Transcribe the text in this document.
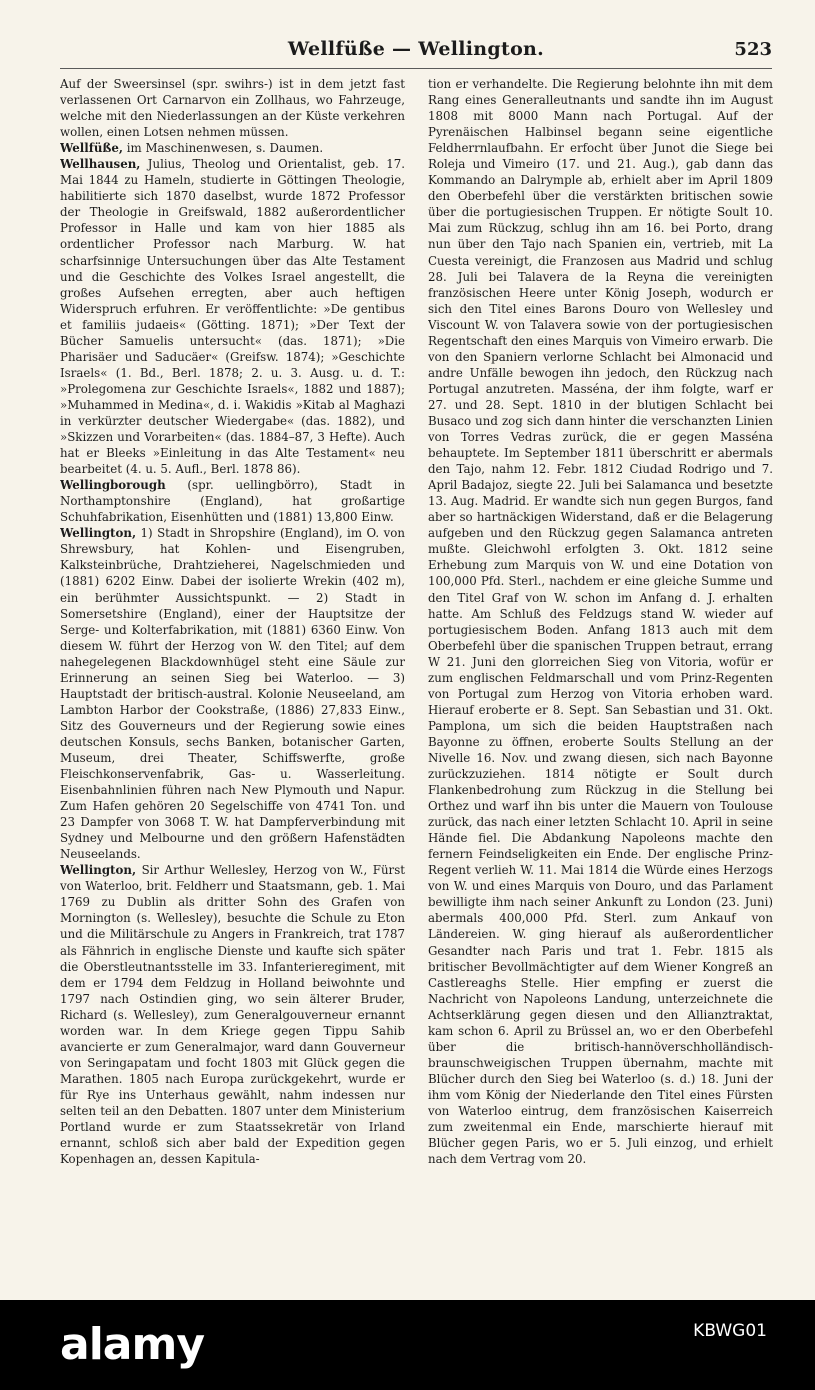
Wellfüße — Wellington.	523

Auf der Sweersinsel (spr. swihrs-) ist in dem jetzt fast verlassenen Ort Carnarvon ein Zollhaus, wo Fahrzeuge, welche mit den Niederlassungen an der Küste verkehren wollen, einen Lotsen nehmen müssen.

Wellfüße, im Maschinenwesen, s. Daumen.

Wellhausen, Julius, Theolog und Orientalist, geb. 17. Mai 1844 zu Hameln, studierte in Göttingen Theologie, habilitierte sich 1870 daselbst, wurde 1872 Professor der Theologie in Greifswald, 1882 außerordentlicher Professor in Halle und kam von hier 1885 als ordentlicher Professor nach Marburg. W. hat scharfsinnige Untersuchungen über das Alte Testament und die Geschichte des Volkes Israel angestellt, die großes Aufsehen erregten, aber auch heftigen Widerspruch erfuhren. Er veröffentlichte: »De gentibus et familiis judaeis« (Götting. 1871); »Der Text der Bücher Samuelis untersucht« (das. 1871); »Die Pharisäer und Saducäer« (Greifsw. 1874); »Geschichte Israels« (1. Bd., Berl. 1878; 2. u. 3. Ausg. u. d. T.: »Prolegomena zur Geschichte Israels«, 1882 und 1887); »Muhammed in Medina«, d. i. Wakidis »Kitab al Maghazi in verkürzter deutscher Wiedergabe« (das. 1882), und »Skizzen und Vorarbeiten« (das. 1884–87, 3 Hefte). Auch hat er Bleeks »Einleitung in das Alte Testament« neu bearbeitet (4. u. 5. Aufl., Berl. 1878 86).

Wellingborough (spr. uellingbörro), Stadt in Northamptonshire (England), hat großartige Schuhfabrikation, Eisenhütten und (1881) 13,800 Einw.

Wellington, 1) Stadt in Shropshire (England), im O. von Shrewsbury, hat Kohlen- und Eisengruben, Kalksteinbrüche, Drahtzieherei, Nagelschmieden und (1881) 6202 Einw. Dabei der isolierte Wrekin (402 m), ein berühmter Aussichtspunkt. — 2) Stadt in Somersetshire (England), einer der Hauptsitze der Serge- und Kolterfabrikation, mit (1881) 6360 Einw. Von diesem W. führt der Herzog von W. den Titel; auf dem nahegelegenen Blackdownhügel steht eine Säule zur Erinnerung an seinen Sieg bei Waterloo. — 3) Hauptstadt der britisch-austral. Kolonie Neuseeland, am Lambton Harbor der Cookstraße, (1886) 27,833 Einw., Sitz des Gouverneurs und der Regierung sowie eines deutschen Konsuls, sechs Banken, botanischer Garten, Museum, drei Theater, Schiffswerfte, große Fleischkonservenfabrik, Gas- u. Wasserleitung. Eisenbahnlinien führen nach New Plymouth und Napur. Zum Hafen gehören 20 Segelschiffe von 4741 Ton. und 23 Dampfer von 3068 T. W. hat Dampferverbindung mit Sydney und Melbourne und den größern Hafenstädten Neuseelands.

Wellington, Sir Arthur Wellesley, Herzog von W., Fürst von Waterloo, brit. Feldherr und Staatsmann, geb. 1. Mai 1769 zu Dublin als dritter Sohn des Grafen von Mornington (s. Wellesley), besuchte die Schule zu Eton und die Militärschule zu Angers in Frankreich, trat 1787 als Fähnrich in englische Dienste und kaufte sich später die Oberstleutnantsstelle im 33. Infanterieregiment, mit dem er 1794 dem Feldzug in Holland beiwohnte und 1797 nach Ostindien ging, wo sein älterer Bruder, Richard (s. Wellesley), zum Generalgouverneur ernannt worden war. In dem Kriege gegen Tippu Sahib avancierte er zum Generalmajor, ward dann Gouverneur von Seringapatam und focht 1803 mit Glück gegen die Marathen. 1805 nach Europa zurückgekehrt, wurde er für Rye ins Unterhaus gewählt, nahm indessen nur selten teil an den Debatten. 1807 unter dem Ministerium Portland wurde er zum Staatssekretär von Irland ernannt, schloß sich aber bald der Expedition gegen Kopenhagen an, dessen Kapitula-

tion er verhandelte. Die Regierung belohnte ihn mit dem Rang eines Generalleutnants und sandte ihn im August 1808 mit 8000 Mann nach Portugal. Auf der Pyrenäischen Halbinsel begann seine eigentliche Feldherrnlaufbahn. Er erfocht über Junot die Siege bei Roleja und Vimeiro (17. und 21. Aug.), gab dann das Kommando an Dalrymple ab, erhielt aber im April 1809 den Oberbefehl über die verstärkten britischen sowie über die portugiesischen Truppen. Er nötigte Soult 10. Mai zum Rückzug, schlug ihn am 16. bei Porto, drang nun über den Tajo nach Spanien ein, vertrieb, mit La Cuesta vereinigt, die Franzosen aus Madrid und schlug 28. Juli bei Talavera de la Reyna die vereinigten französischen Heere unter König Joseph, wodurch er sich den Titel eines Barons Douro von Wellesley und Viscount W. von Talavera sowie von der portugiesischen Regentschaft den eines Marquis von Vimeiro erwarb. Die von den Spaniern verlorne Schlacht bei Almonacid und andre Unfälle bewogen ihn jedoch, den Rückzug nach Portugal anzutreten. Masséna, der ihm folgte, warf er 27. und 28. Sept. 1810 in der blutigen Schlacht bei Busaco und zog sich dann hinter die verschanzten Linien von Torres Vedras zurück, die er gegen Masséna behauptete. Im September 1811 überschritt er abermals den Tajo, nahm 12. Febr. 1812 Ciudad Rodrigo und 7. April Badajoz, siegte 22. Juli bei Salamanca und besetzte 13. Aug. Madrid. Er wandte sich nun gegen Burgos, fand aber so hartnäckigen Widerstand, daß er die Belagerung aufgeben und den Rückzug gegen Salamanca antreten mußte. Gleichwohl erfolgten 3. Okt. 1812 seine Erhebung zum Marquis von W. und eine Dotation von 100,000 Pfd. Sterl., nachdem er eine gleiche Summe und den Titel Graf von W. schon im Anfang d. J. erhalten hatte. Am Schluß des Feldzugs stand W. wieder auf portugiesischem Boden. Anfang 1813 auch mit dem Oberbefehl über die spanischen Truppen betraut, errang W 21. Juni den glorreichen Sieg von Vitoria, wofür er zum englischen Feldmarschall und vom Prinz-Regenten von Portugal zum Herzog von Vitoria erhoben ward. Hierauf eroberte er 8. Sept. San Sebastian und 31. Okt. Pamplona, um sich die beiden Hauptstraßen nach Bayonne zu öffnen, eroberte Soults Stellung an der Nivelle 16. Nov. und zwang diesen, sich nach Bayonne zurückzuziehen. 1814 nötigte er Soult durch Flankenbedrohung zum Rückzug in die Stellung bei Orthez und warf ihn bis unter die Mauern von Toulouse zurück, das nach einer letzten Schlacht 10. April in seine Hände fiel. Die Abdankung Napoleons machte den fernern Feindseligkeiten ein Ende. Der englische Prinz-Regent verlieh W. 11. Mai 1814 die Würde eines Herzogs von W. und eines Marquis von Douro, und das Parlament bewilligte ihm nach seiner Ankunft zu London (23. Juni) abermals 400,000 Pfd. Sterl. zum Ankauf von Ländereien. W. ging hierauf als außerordentlicher Gesandter nach Paris und trat 1. Febr. 1815 als britischer Bevollmächtigter auf dem Wiener Kongreß an Castlereaghs Stelle. Hier empfing er zuerst die Nachricht von Napoleons Landung, unterzeichnete die Achtserklärung gegen diesen und den Allianztraktat, kam schon 6. April zu Brüssel an, wo er den Oberbefehl über die britisch-hannöverschholländisch-braunschweigischen Truppen übernahm, machte mit Blücher durch den Sieg bei Waterloo (s. d.) 18. Juni der ihm vom König der Niederlande den Titel eines Fürsten von Waterloo eintrug, dem französischen Kaiserreich zum zweitenmal ein Ende, marschierte hierauf mit Blücher gegen Paris, wo er 5. Juli einzog, und erhielt nach dem Vertrag vom 20.

alamy	KBWG01
